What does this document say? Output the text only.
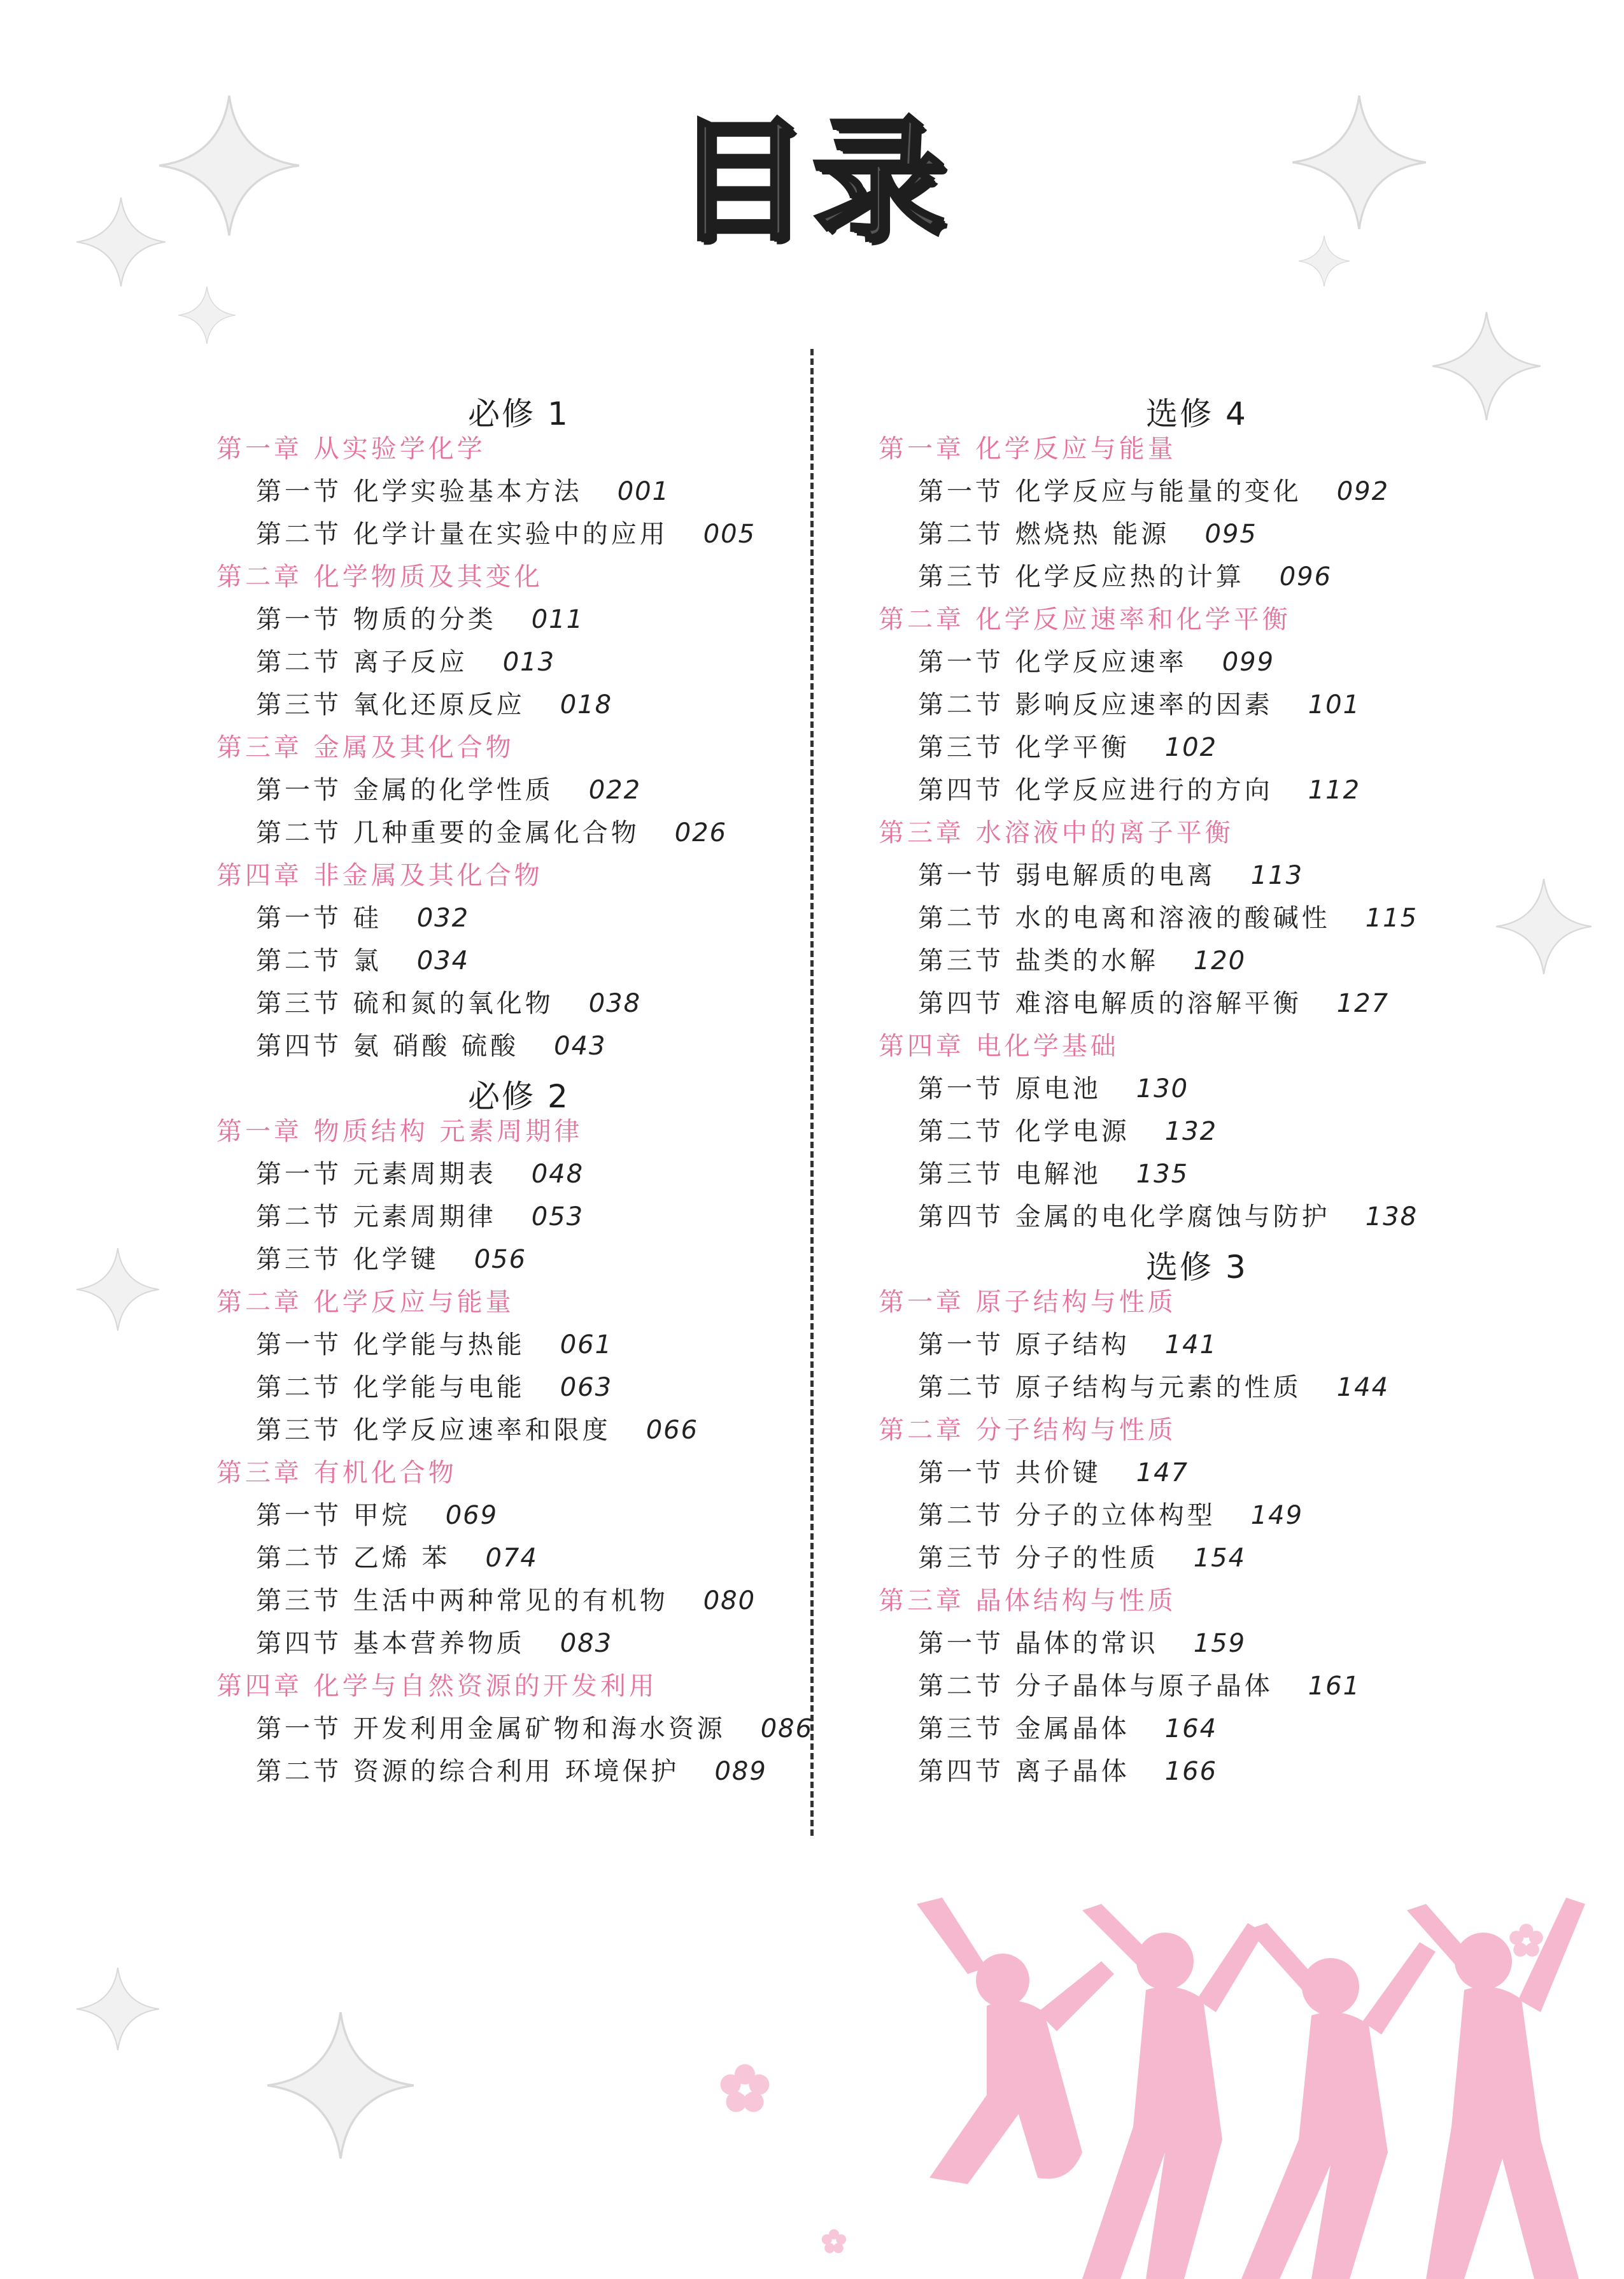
目录
必修 1
第一章 从实验学化学
第一节 化学实验基本方法 001
第二节 化学计量在实验中的应用 005
第二章 化学物质及其变化
第一节 物质的分类 011
第二节 离子反应 013
第三节 氧化还原反应 018
第三章 金属及其化合物
第一节 金属的化学性质 022
第二节 几种重要的金属化合物 026
第四章 非金属及其化合物
第一节 硅 032
第二节 氯 034
第三节 硫和氮的氧化物 038
第四节 氨 硝酸 硫酸 043
必修 2
第一章 物质结构 元素周期律
第一节 元素周期表 048
第二节 元素周期律 053
第三节 化学键 056
第二章 化学反应与能量
第一节 化学能与热能 061
第二节 化学能与电能 063
第三节 化学反应速率和限度 066
第三章 有机化合物
第一节 甲烷 069
第二节 乙烯 苯 074
第三节 生活中两种常见的有机物 080
第四节 基本营养物质 083
第四章 化学与自然资源的开发利用
第一节 开发利用金属矿物和海水资源 086
第二节 资源的综合利用 环境保护 089
选修 4
第一章 化学反应与能量
第一节 化学反应与能量的变化 092
第二节 燃烧热 能源 095
第三节 化学反应热的计算 096
第二章 化学反应速率和化学平衡
第一节 化学反应速率 099
第二节 影响反应速率的因素 101
第三节 化学平衡 102
第四节 化学反应进行的方向 112
第三章 水溶液中的离子平衡
第一节 弱电解质的电离 113
第二节 水的电离和溶液的酸碱性 115
第三节 盐类的水解 120
第四节 难溶电解质的溶解平衡 127
第四章 电化学基础
第一节 原电池 130
第二节 化学电源 132
第三节 电解池 135
第四节 金属的电化学腐蚀与防护 138
选修 3
第一章 原子结构与性质
第一节 原子结构 141
第二节 原子结构与元素的性质 144
第二章 分子结构与性质
第一节 共价键 147
第二节 分子的立体构型 149
第三节 分子的性质 154
第三章 晶体结构与性质
第一节 晶体的常识 159
第二节 分子晶体与原子晶体 161
第三节 金属晶体 164
第四节 离子晶体 166
